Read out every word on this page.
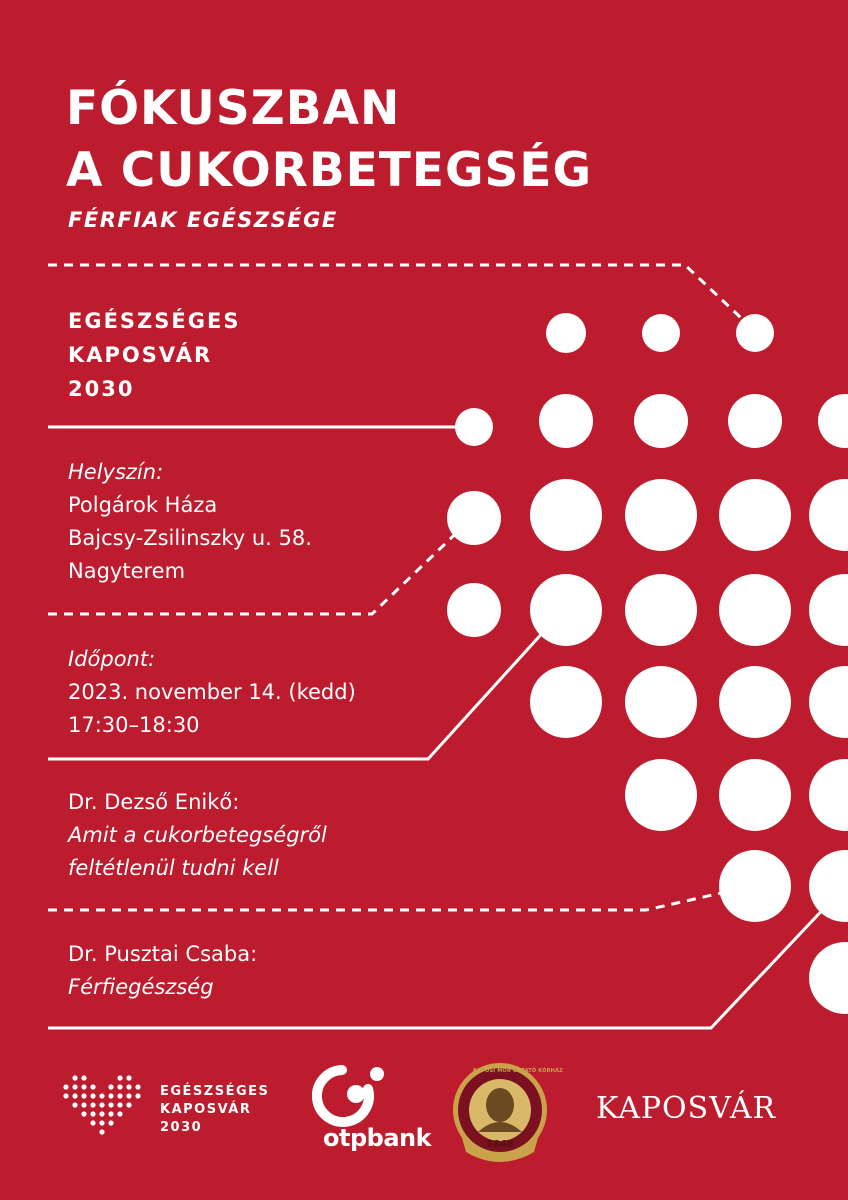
FÓKUSZBAN
A CUKORBETEGSÉG
FÉRFIAK EGÉSZSÉGE
EGÉSZSÉGES
KAPOSVÁR
2030
Helyszín:
Polgárok Háza
Bajcsy-Zsilinszky u. 58.
Nagyterem
Időpont:
2023. november 14. (kedd)
17:30–18:30
Dr. Dezső Enikő:
Amit a cukorbetegségről
feltétlenül tudni kell
Dr. Pusztai Csaba:
Férfiegészség
EGÉSZSÉGES
KAPOSVÁR
2030	otpbank
KAPOSI MÓR OKTATÓ KÓRHÁZ
1846
KAPOSVÁR
